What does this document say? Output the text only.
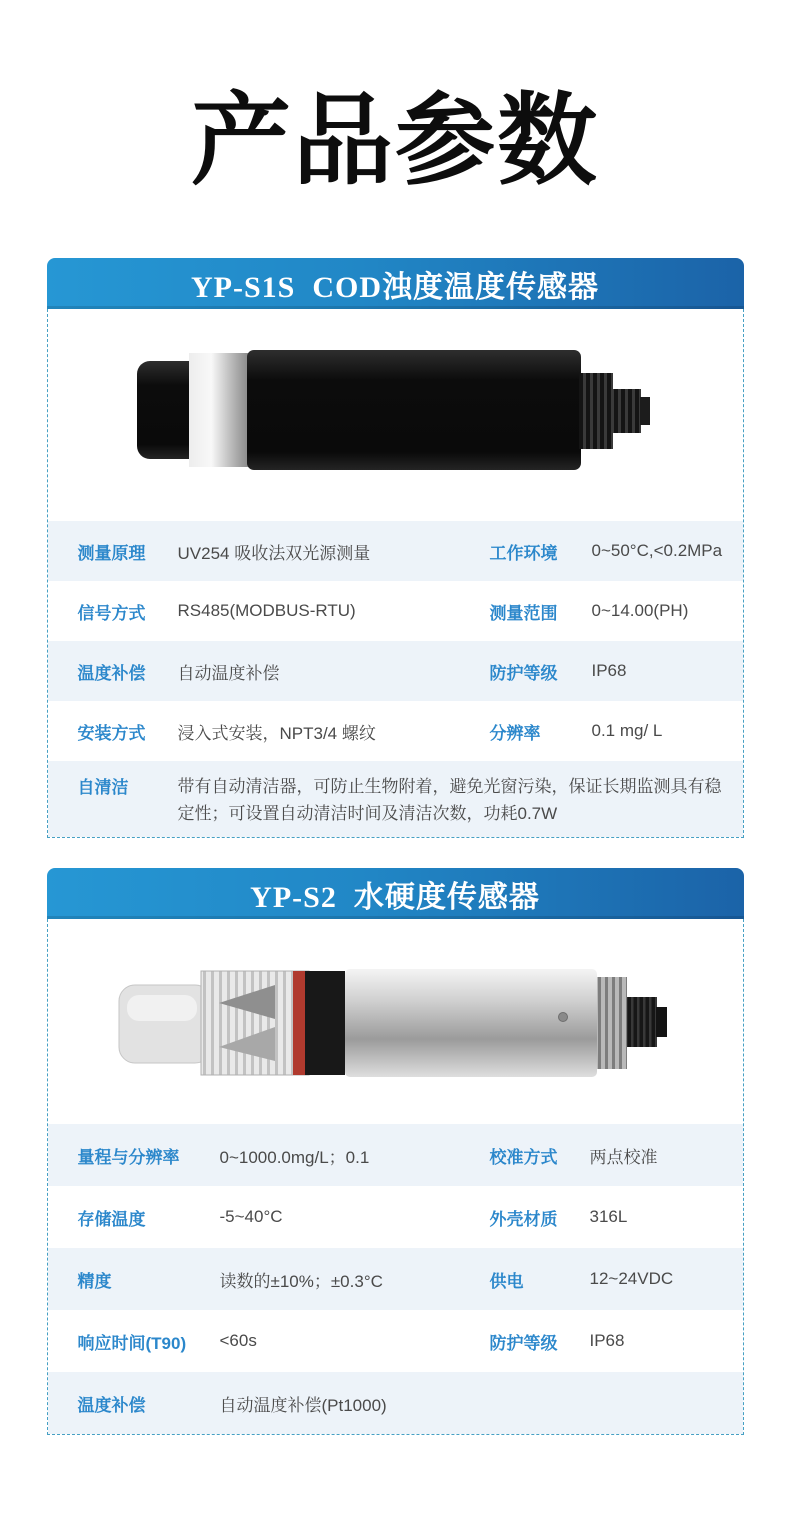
产品参数
YP-S1S  COD浊度温度传感器
测量原理	UV254 吸收法双光源测量	工作环境	0~50°C,<0.2MPa
信号方式	RS485(MODBUS-RTU)	测量范围	0~14.00(PH)
温度补偿	自动温度补偿	防护等级	IP68
安装方式	浸入式安装，NPT3/4 螺纹	分辨率	0.1 mg/ L
自清洁	带有自动清洁器，可防止生物附着，避免光窗污染，保证长期监测具有稳定性；可设置自动清洁时间及清洁次数，功耗0.7W
YP-S2  水硬度传感器
量程与分辨率	0~1000.0mg/L；0.1	校准方式	两点校准
存储温度	-5~40°C	外壳材质	316L
精度	读数的±10%；±0.3°C	供电	12~24VDC
响应时间(T90)	<60s	防护等级	IP68
温度补偿	自动温度补偿(Pt1000)
